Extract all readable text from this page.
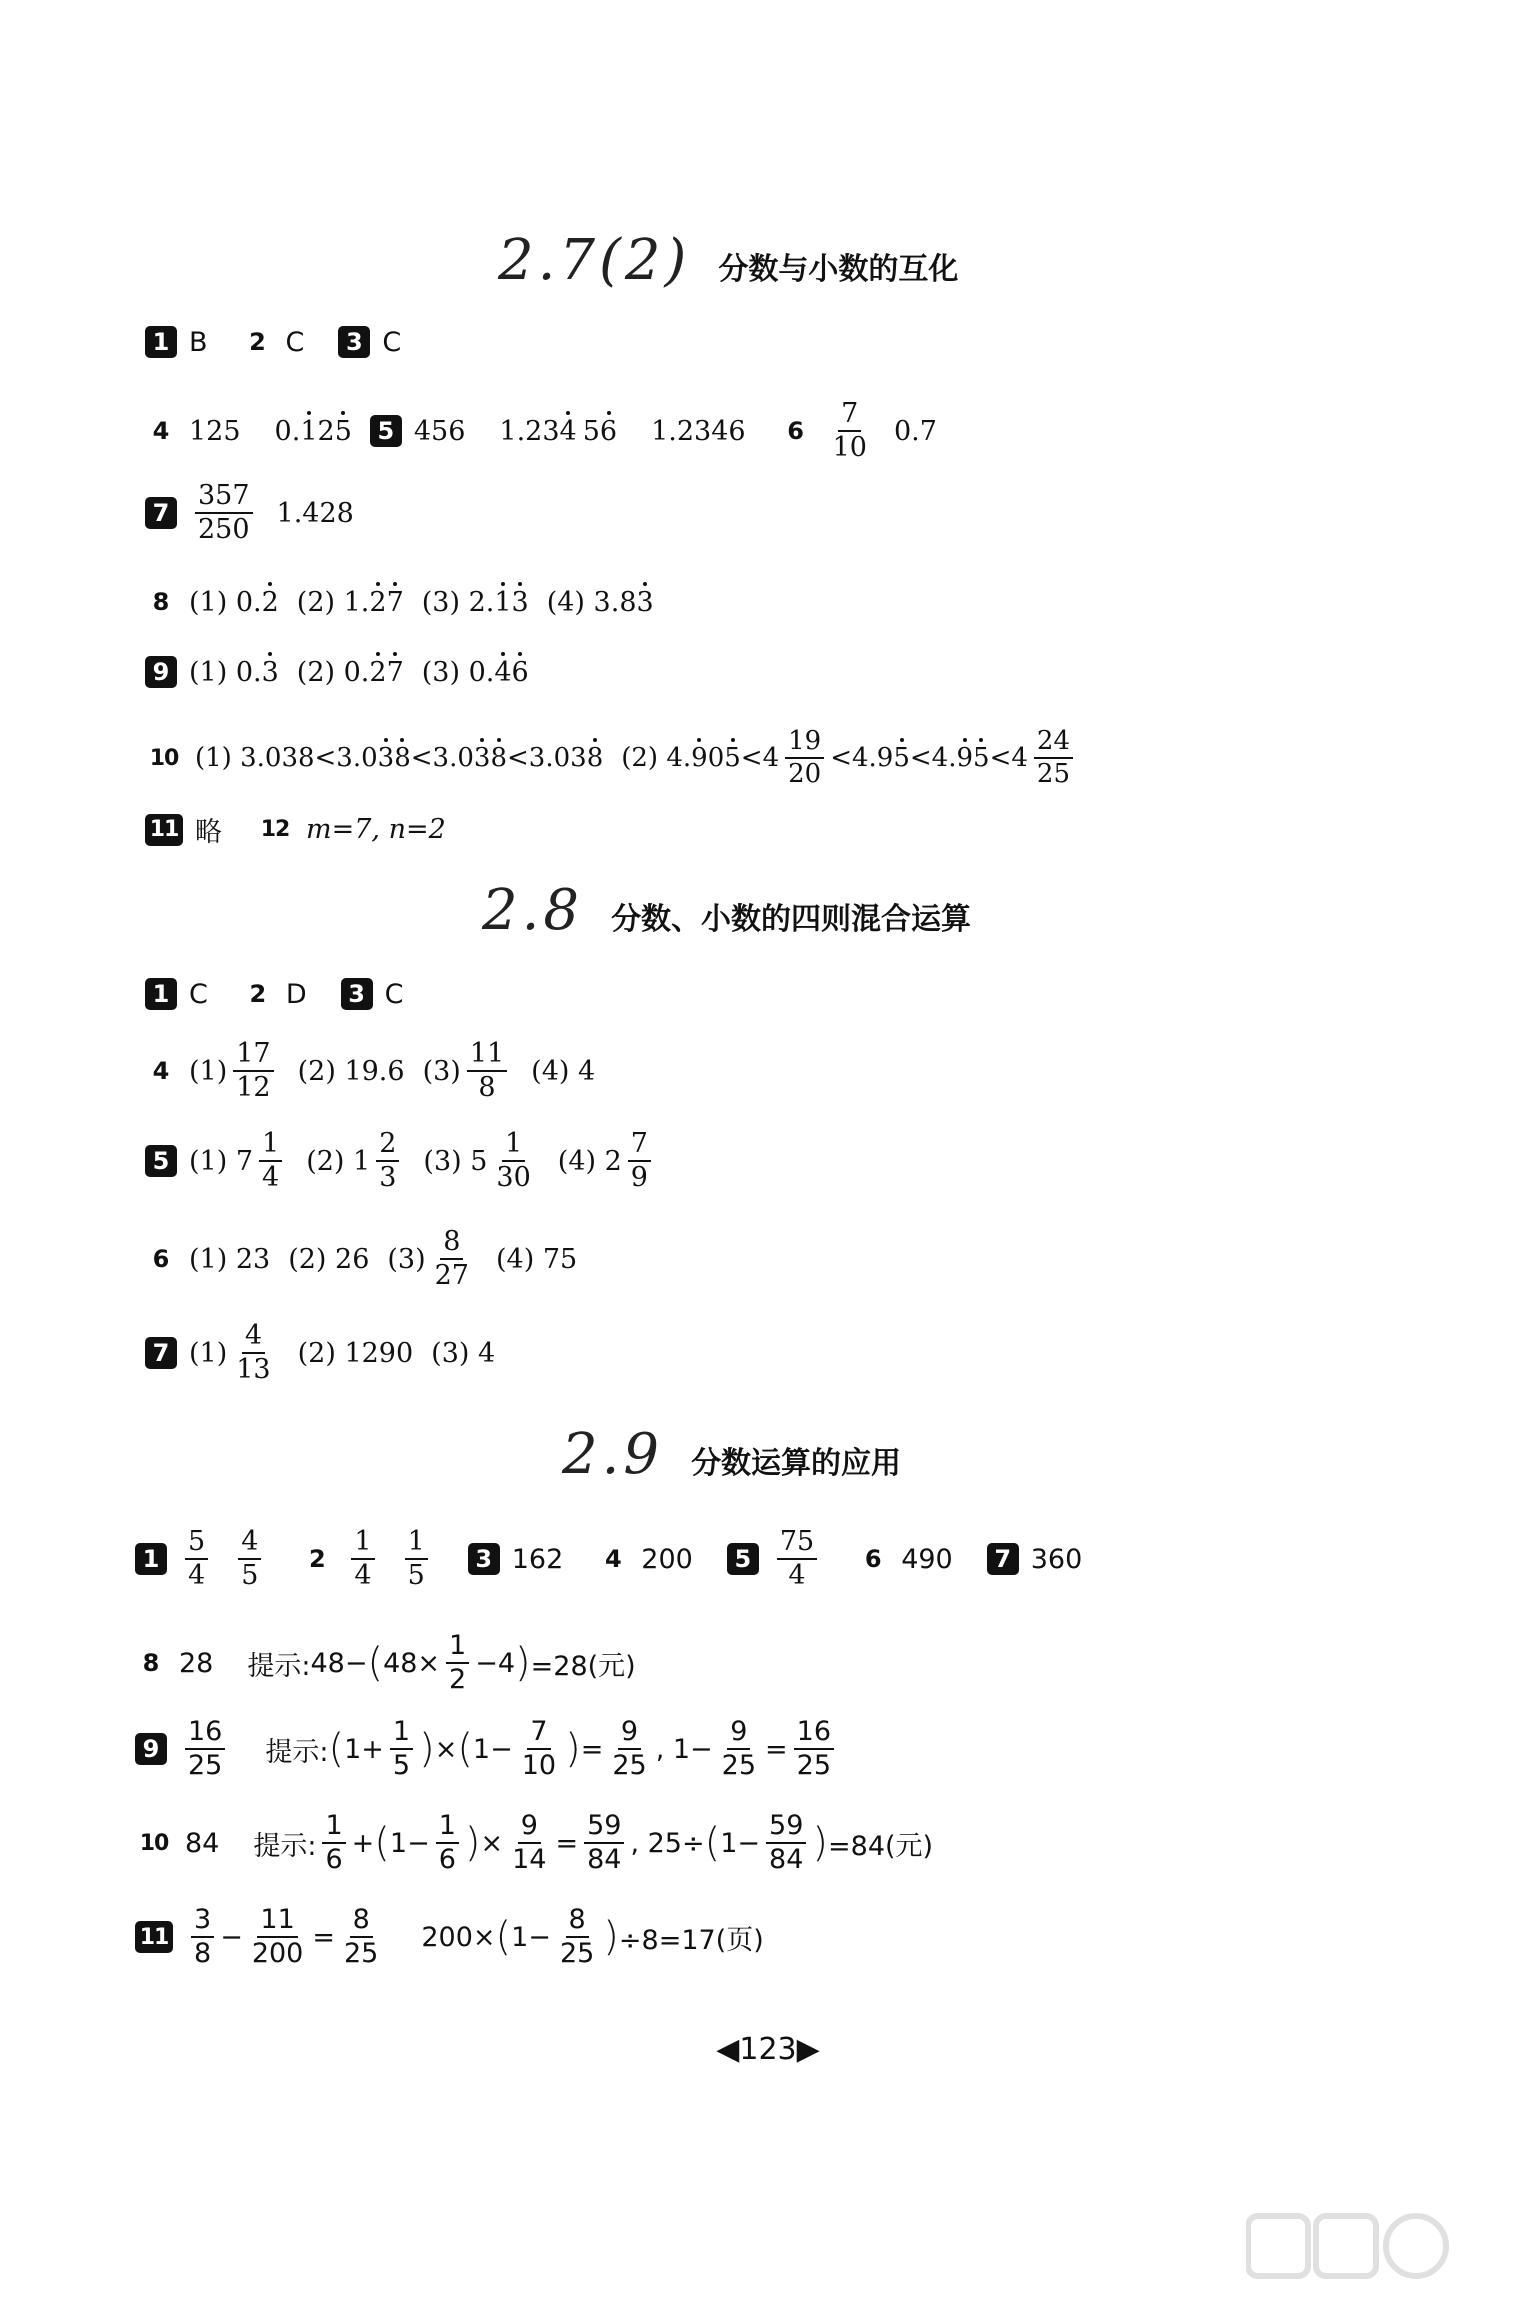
2.7(2) 分数与小数的互化
1 B	2 C	3 C
4 125 0. 1 2 5	5 456 1.23 4 5 6 1.2346	$6 \frac{7}{10} 0.7$
$7 \frac{357}{250} 1.428$
8 (1) 0. 2 (2) 1. 2 7 (3) 2. 1 3 (4) 3. 8 3
9 (1) 0. 3 (2) 0. 2 7 (3) 0. 4 6
10 (1) 3.038<3.0 3 8 <3.0 3 8 <3.03 8 (2) 4. 9 0 $5 <4 \frac{19}{20} <4.9$ 5 <4. 9 $5 <4 \frac{24}{25}$
11 略 12 m=7, n=2
2.8 分数、小数的四则混合运算
1 C	2 D	3 C
4 $(1) \frac{17}{12} (2)$ 19.6 $(3) \frac{11}{8} (4)$ 4
5 (1) $7 \frac{1}{4} (2)$ $1 \frac{2}{3} (3)$ $5 \frac{1}{30} (4)$ $2 \frac{7}{9}$
6 (1) 23 (2) 26 $(3) \frac{8}{27} (4)$ 75
7 $(1) \frac{4}{13} (2)$ 1290 (3) 4
2.9 分数运算的应用
$1 \frac{5}{4} \frac{4}{5}$	$2 \frac{1}{4} \frac{1}{5}$	3 162	4 200	$5 \frac{75}{4}$	6 490	7 360
8 28 提示: 48− ( $48\times \frac{1}{2} -4$ ) =28(元)
$9 \frac{16}{25}$ 提示: ( $1+ \frac{1}{5}$ ) × ( $1- \frac{7}{10}$ ) = $\frac{9}{25}$ , $1- \frac{9}{25} = \frac{16}{25}$
10 84 提示: $\frac{1}{6}$ + ( $1- \frac{1}{6}$ ) × $\frac{9}{14} = \frac{59}{84}$ , 25÷ ( $1- \frac{59}{84}$ ) =84(元)
$11 \frac{3}{8} - \frac{11}{200} = \frac{8}{25} 200\times$ ( $1- \frac{8}{25}$ ) ÷8=17(页)
◀123▶
